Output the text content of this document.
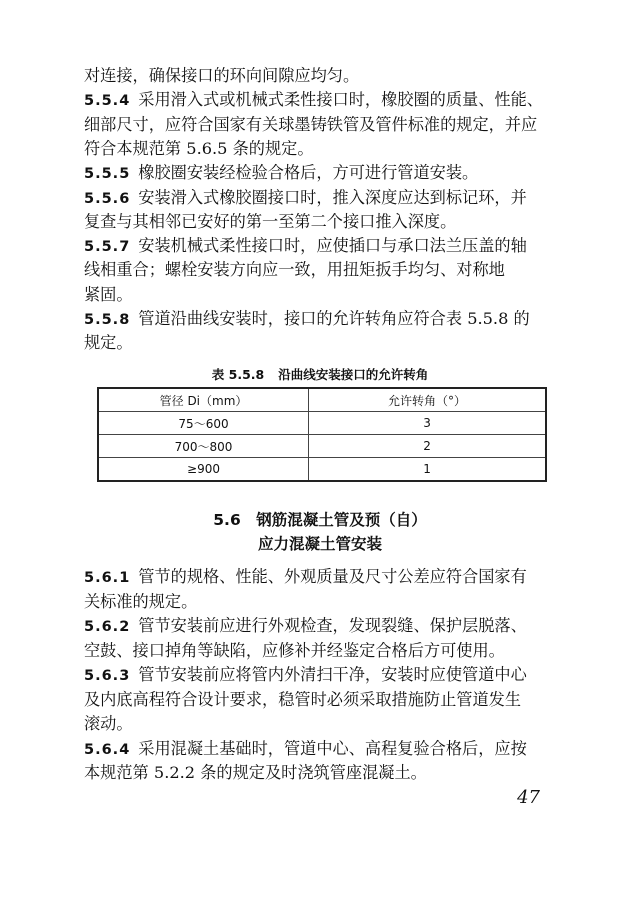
对连接，确保接口的环向间隙应均匀。
5.5.4 采用滑入式或机械式柔性接口时，橡胶圈的质量、性能、
细部尺寸，应符合国家有关球墨铸铁管及管件标准的规定，并应
符合本规范第 5.6.5 条的规定。
5.5.5 橡胶圈安装经检验合格后，方可进行管道安装。
5.5.6 安装滑入式橡胶圈接口时，推入深度应达到标记环，并
复查与其相邻已安好的第一至第二个接口推入深度。
5.5.7 安装机械式柔性接口时，应使插口与承口法兰压盖的轴
线相重合；螺栓安装方向应一致，用扭矩扳手均匀、对称地
紧固。
5.5.8 管道沿曲线安装时，接口的允许转角应符合表 5.5.8 的
规定。
表 5.5.8 沿曲线安装接口的允许转角
管径 Di（mm）	允许转角（°）
75～600	3
700～800	2
≥900	1
5.6　钢筋混凝土管及预（自）
应力混凝土管安装
5.6.1 管节的规格、性能、外观质量及尺寸公差应符合国家有
关标准的规定。
5.6.2 管节安装前应进行外观检查，发现裂缝、保护层脱落、
空鼓、接口掉角等缺陷，应修补并经鉴定合格后方可使用。
5.6.3 管节安装前应将管内外清扫干净，安装时应使管道中心
及内底高程符合设计要求，稳管时必须采取措施防止管道发生
滚动。
5.6.4 采用混凝土基础时，管道中心、高程复验合格后，应按
本规范第 5.2.2 条的规定及时浇筑管座混凝土。
47
